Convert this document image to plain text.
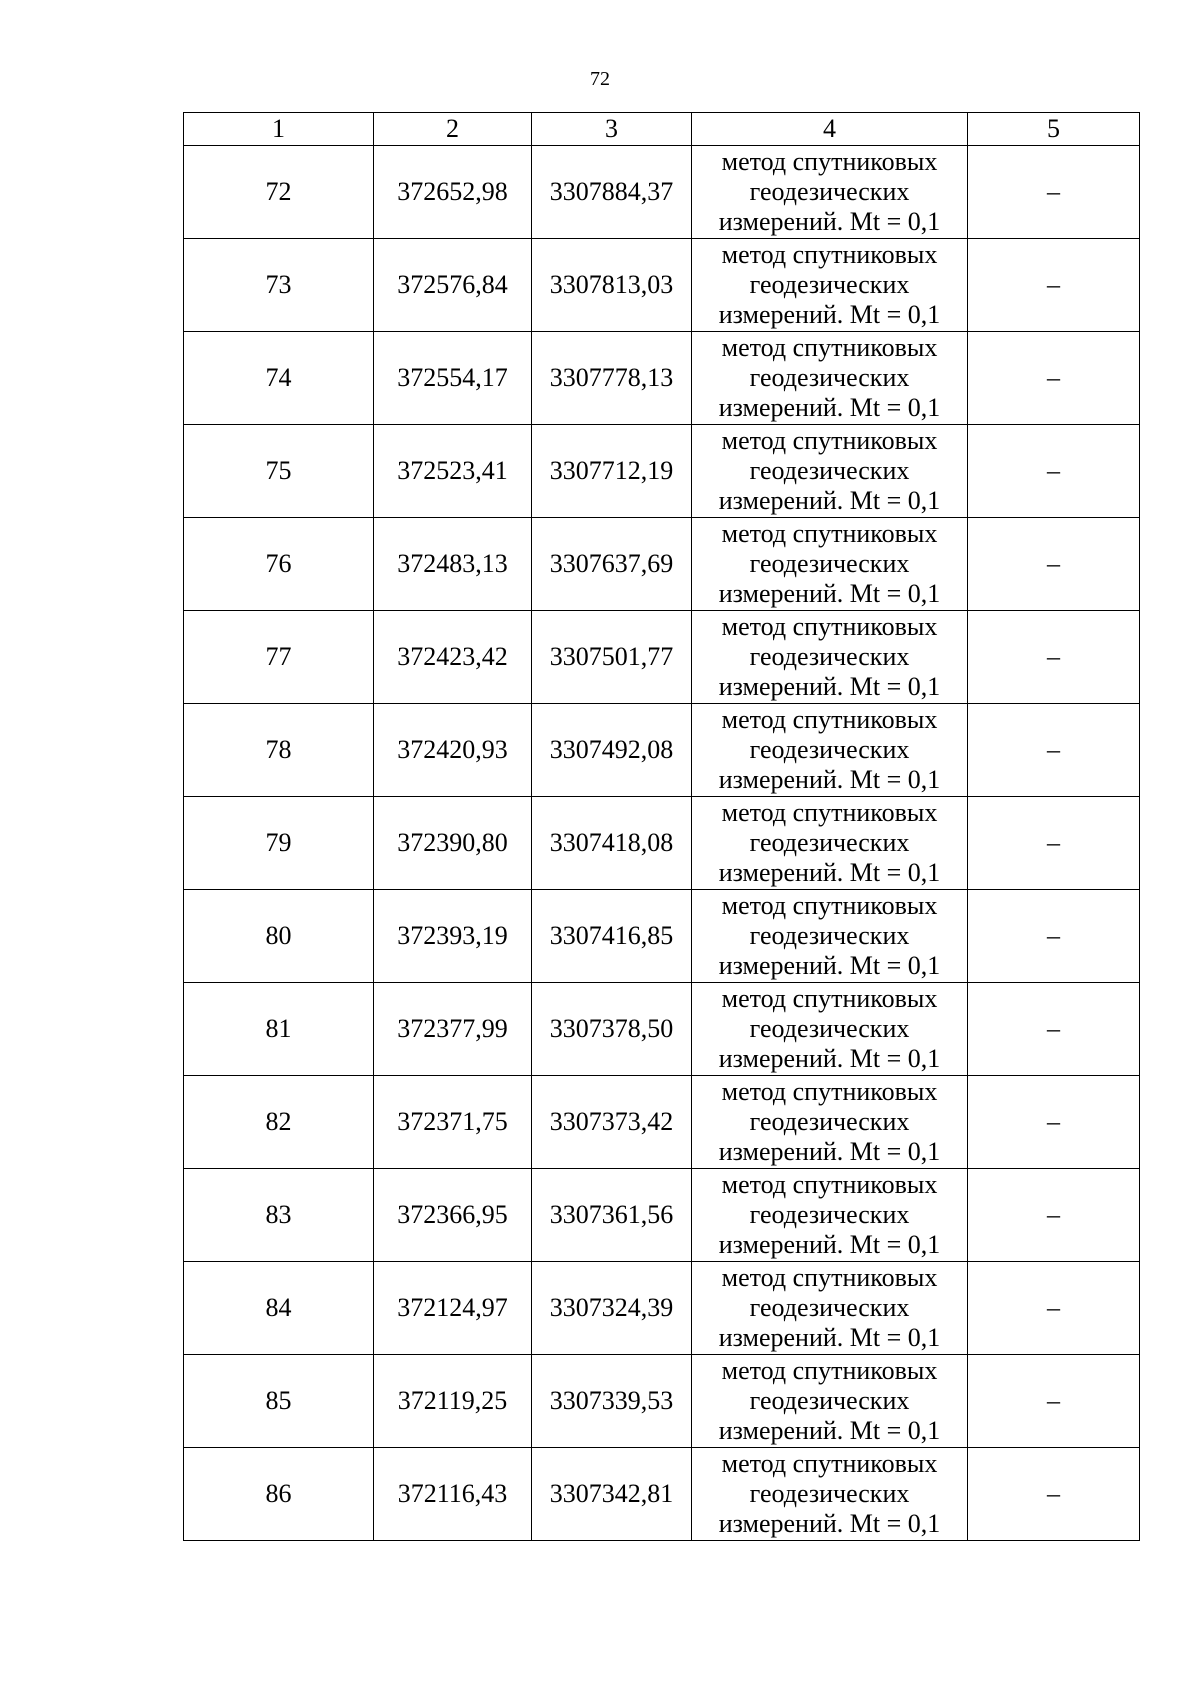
72
1	2	3	4	5
72	372652,98	3307884,37	метод спутниковых
геодезических
измерений. Mt = 0,1	–
73	372576,84	3307813,03	метод спутниковых
геодезических
измерений. Mt = 0,1	–
74	372554,17	3307778,13	метод спутниковых
геодезических
измерений. Mt = 0,1	–
75	372523,41	3307712,19	метод спутниковых
геодезических
измерений. Mt = 0,1	–
76	372483,13	3307637,69	метод спутниковых
геодезических
измерений. Mt = 0,1	–
77	372423,42	3307501,77	метод спутниковых
геодезических
измерений. Mt = 0,1	–
78	372420,93	3307492,08	метод спутниковых
геодезических
измерений. Mt = 0,1	–
79	372390,80	3307418,08	метод спутниковых
геодезических
измерений. Mt = 0,1	–
80	372393,19	3307416,85	метод спутниковых
геодезических
измерений. Mt = 0,1	–
81	372377,99	3307378,50	метод спутниковых
геодезических
измерений. Mt = 0,1	–
82	372371,75	3307373,42	метод спутниковых
геодезических
измерений. Mt = 0,1	–
83	372366,95	3307361,56	метод спутниковых
геодезических
измерений. Mt = 0,1	–
84	372124,97	3307324,39	метод спутниковых
геодезических
измерений. Mt = 0,1	–
85	372119,25	3307339,53	метод спутниковых
геодезических
измерений. Mt = 0,1	–
86	372116,43	3307342,81	метод спутниковых
геодезических
измерений. Mt = 0,1	–
